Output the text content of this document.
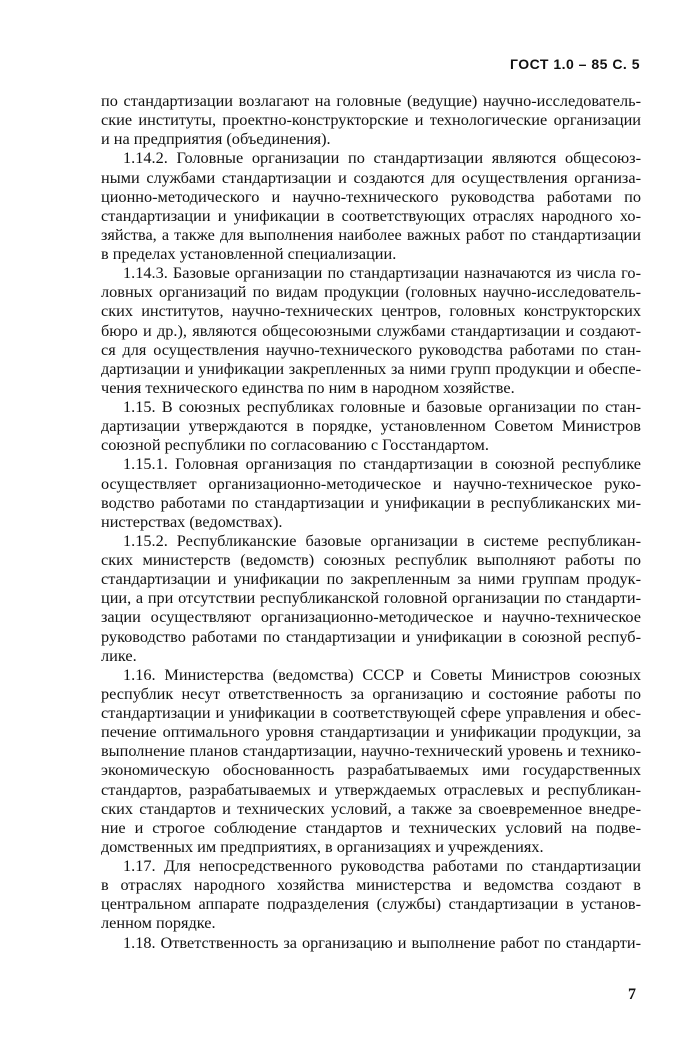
ГОСТ 1.0 – 85 С. 5
по стандартизации возлагают на головные (ведущие) научно-исследователь-
ские институты, проектно-конструкторские и технологические организации
и на предприятия (объединения).
1.14.2. Головные организации по стандартизации являются общесоюз-
ными службами стандартизации и создаются для осуществления организа-
ционно-методического и научно-технического руководства работами по
стандартизации и унификации в соответствующих отраслях народного хо-
зяйства, а также для выполнения наиболее важных работ по стандартизации
в пределах установленной специализации.
1.14.3. Базовые организации по стандартизации назначаются из числа го-
ловных организаций по видам продукции (головных научно-исследователь-
ских институтов, научно-технических центров, головных конструкторских
бюро и др.), являются общесоюзными службами стандартизации и создают-
ся для осуществления научно-технического руководства работами по стан-
дартизации и унификации закрепленных за ними групп продукции и обеспе-
чения технического единства по ним в народном хозяйстве.
1.15. В союзных республиках головные и базовые организации по стан-
дартизации утверждаются в порядке, установленном Советом Министров
союзной республики по согласованию с Госстандартом.
1.15.1. Головная организация по стандартизации в союзной республике
осуществляет организационно-методическое и научно-техническое руко-
водство работами по стандартизации и унификации в республиканских ми-
нистерствах (ведомствах).
1.15.2. Республиканские базовые организации в системе республикан-
ских министерств (ведомств) союзных республик выполняют работы по
стандартизации и унификации по закрепленным за ними группам продук-
ции, а при отсутствии республиканской головной организации по стандарти-
зации осуществляют организационно-методическое и научно-техническое
руководство работами по стандартизации и унификации в союзной респуб-
лике.
1.16. Министерства (ведомства) СССР и Советы Министров союзных
республик несут ответственность за организацию и состояние работы по
стандартизации и унификации в соответствующей сфере управления и обес-
печение оптимального уровня стандартизации и унификации продукции, за
выполнение планов стандартизации, научно-технический уровень и технико-
экономическую обоснованность разрабатываемых ими государственных
стандартов, разрабатываемых и утверждаемых отраслевых и республикан-
ских стандартов и технических условий, а также за своевременное внедре-
ние и строгое соблюдение стандартов и технических условий на подве-
домственных им предприятиях, в организациях и учреждениях.
1.17. Для непосредственного руководства работами по стандартизации
в отраслях народного хозяйства министерства и ведомства создают в
центральном аппарате подразделения (службы) стандартизации в установ-
ленном порядке.
1.18. Ответственность за организацию и выполнение работ по стандарти-
7
